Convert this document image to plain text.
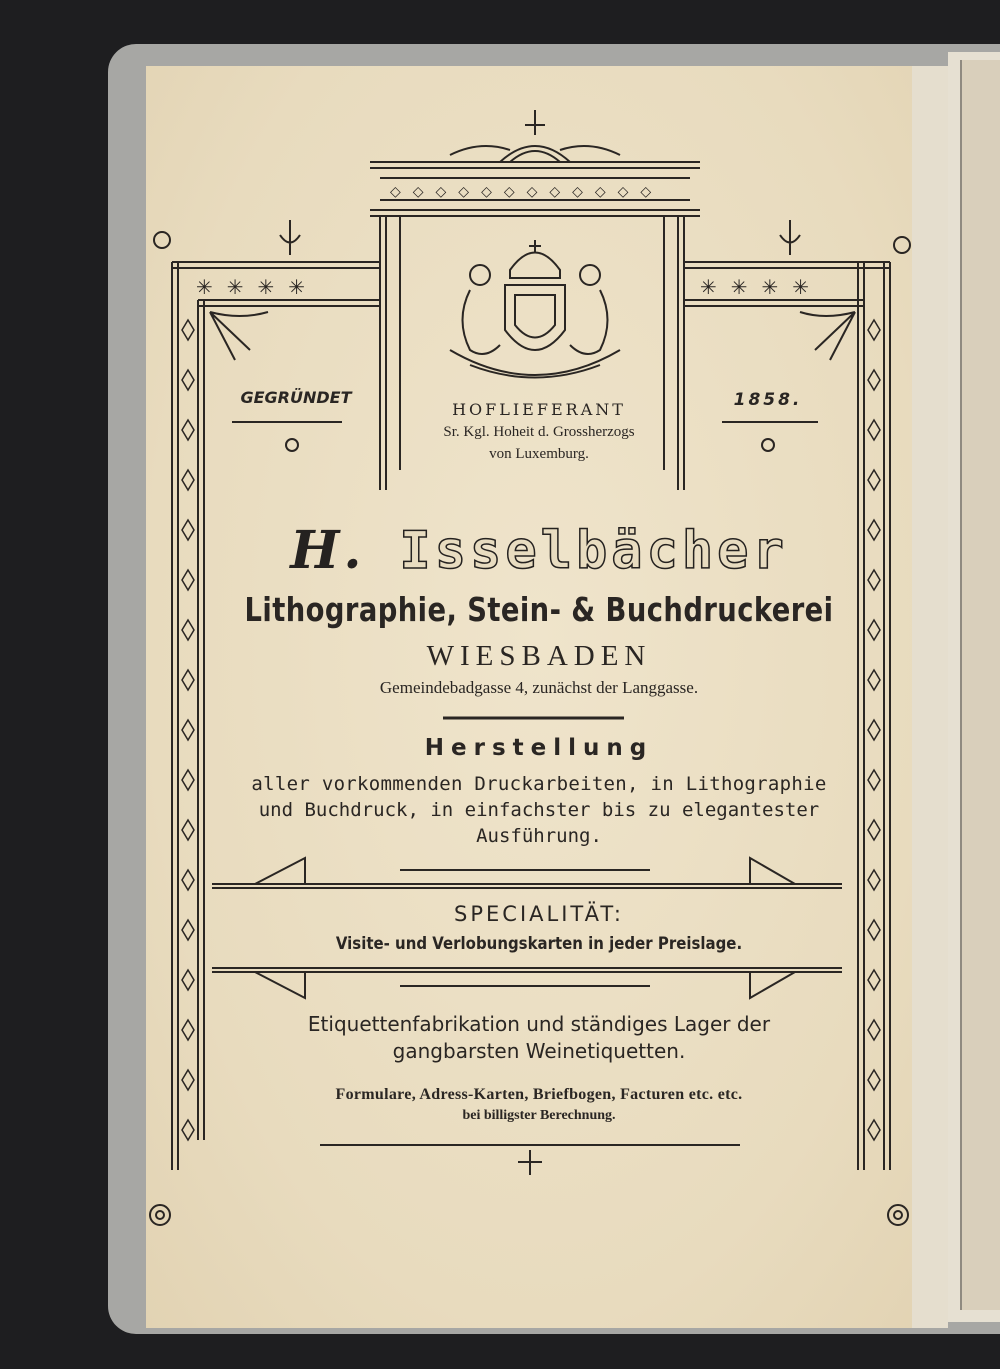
◇◇◇◇◇◇◇◇◇◇◇◇
✳✳✳✳	✳✳✳✳
GEGRÜNDET	1858.

HOFLIEFERANT

Sr. Kgl. Hoheit d. Grossherzogs

von Luxemburg.

H. Isselbächer

Lithographie, Stein- & Buchdruckerei

WIESBADEN

Gemeindebadgasse 4, zunächst der Langgasse.

Herstellung

aller vorkommenden Druckarbeiten, in Lithographie

und Buchdruck, in einfachster bis zu elegantester

Ausführung.

SPECIALITÄT:

Visite- und Verlobungskarten in jeder Preislage.

Etiquettenfabrikation und ständiges Lager der

gangbarsten Weinetiquetten.

Formulare, Adress-Karten, Briefbogen, Facturen etc. etc.

bei billigster Berechnung.
